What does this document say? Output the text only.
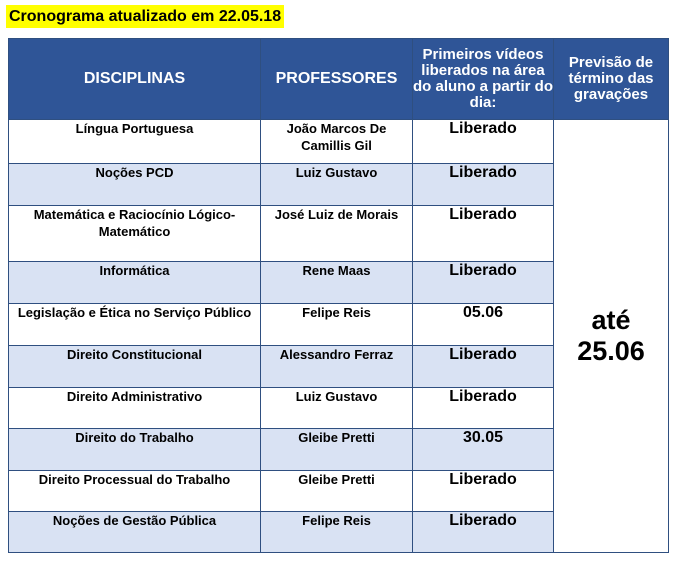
Cronograma atualizado em 22.05.18
DISCIPLINAS	PROFESSORES	Primeiros vídeos liberados na área do aluno a partir do dia:	Previsão de término das gravações
Língua Portuguesa	João Marcos De Camillis Gil	Liberado	até
25.06

Noções PCD	Luiz Gustavo	Liberado	
Matemática e Raciocínio Lógico-Matemático	José Luiz de Morais	Liberado	
Informática	Rene Maas	Liberado	
Legislação e Ética no Serviço Público	Felipe Reis	05.06	
Direito Constitucional	Alessandro Ferraz	Liberado	
Direito Administrativo	Luiz Gustavo	Liberado	
Direito do Trabalho	Gleibe Pretti	30.05	
Direito Processual do Trabalho	Gleibe Pretti	Liberado	
Noções de Gestão Pública	Felipe Reis	Liberado	
